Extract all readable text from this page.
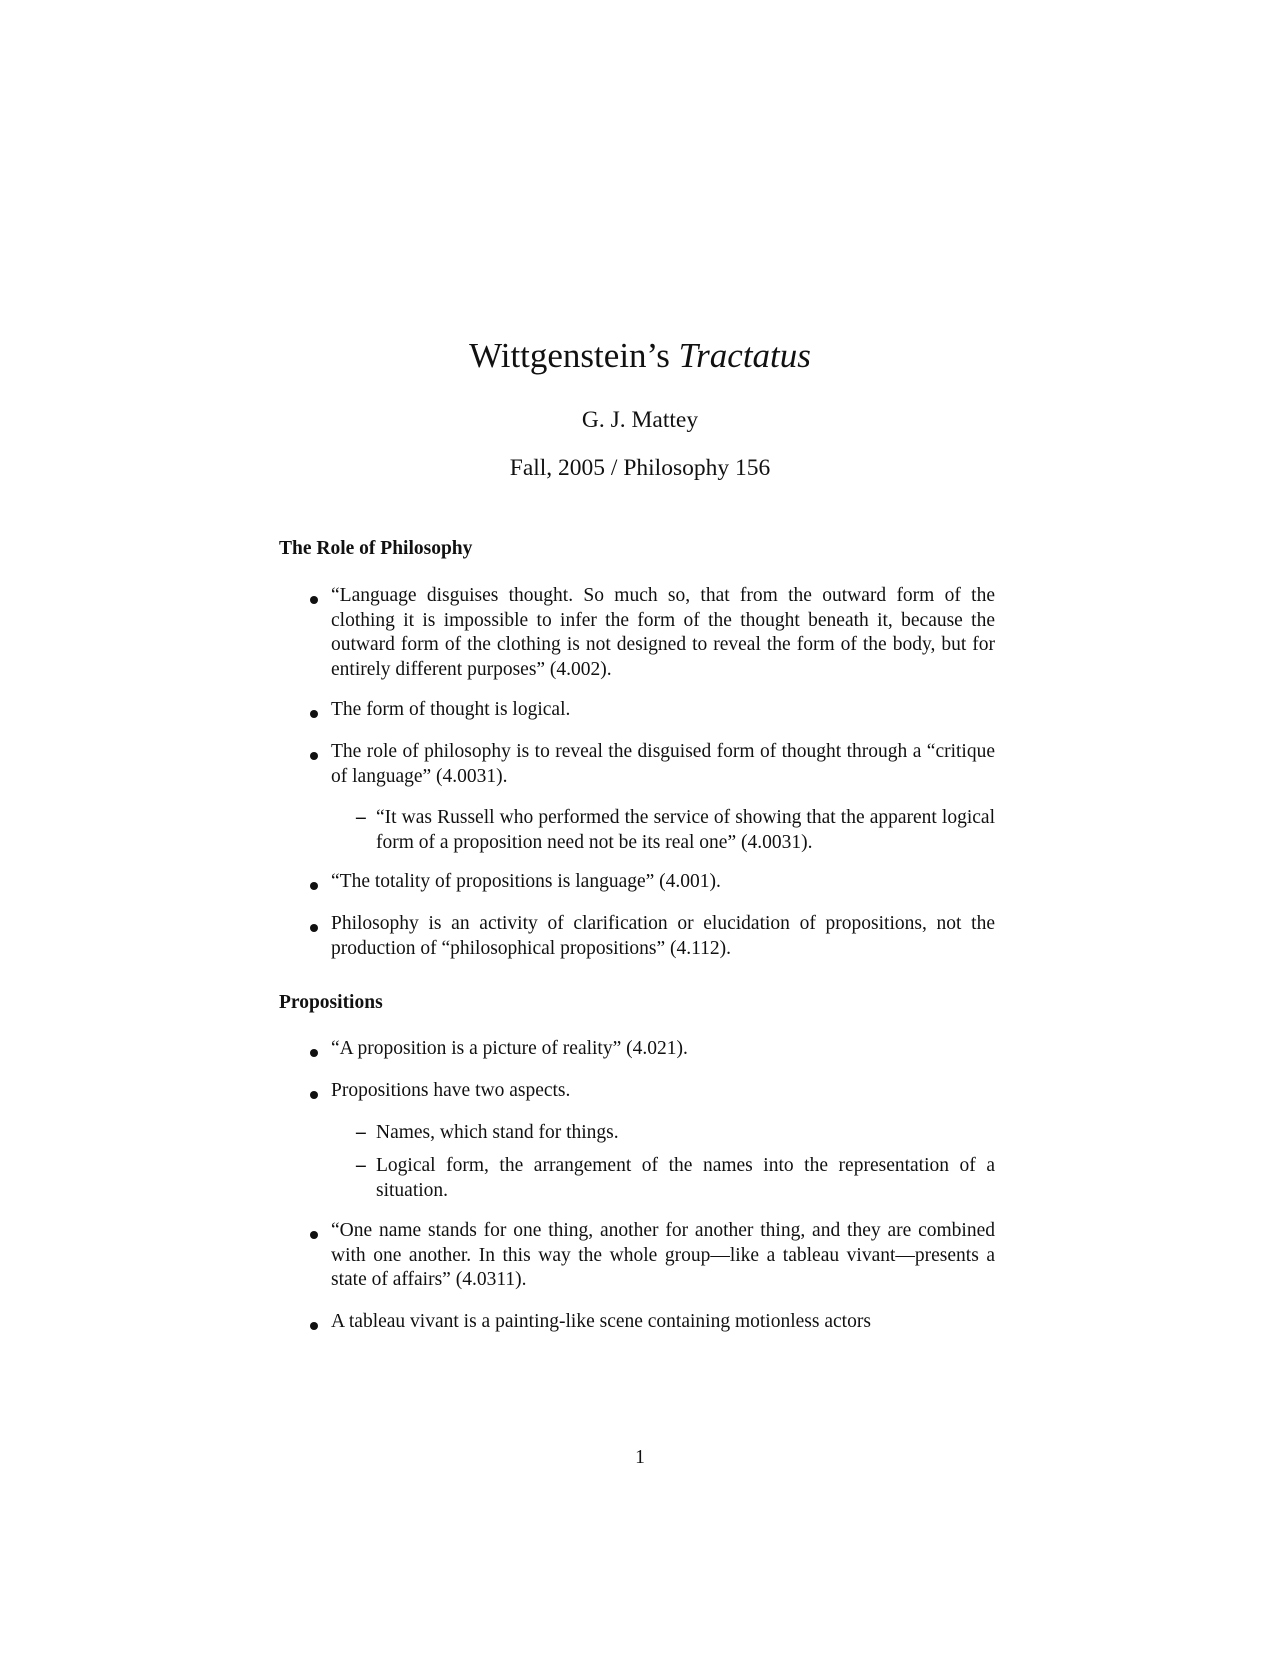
Wittgenstein’s Tractatus
G. J. Mattey
Fall, 2005 / Philosophy 156
The Role of Philosophy
“Language disguises thought. So much so, that from the outward form of the clothing it is impossible to infer the form of the thought beneath it, because the outward form of the clothing is not designed to reveal the form of the body, but for entirely different purposes” (4.002).
The form of thought is logical.
The role of philosophy is to reveal the disguised form of thought through a “critique of language” (4.0031).
– “It was Russell who performed the service of showing that the apparent logical form of a proposition need not be its real one” (4.0031).
“The totality of propositions is language” (4.001).
Philosophy is an activity of clarification or elucidation of propositions, not the production of “philosophical propositions” (4.112).
Propositions
“A proposition is a picture of reality” (4.021).
Propositions have two aspects.
– Names, which stand for things.
– Logical form, the arrangement of the names into the representation of a situation.
“One name stands for one thing, another for another thing, and they are combined with one another. In this way the whole group—like a tableau vivant—presents a state of affairs” (4.0311).
A tableau vivant is a painting-like scene containing motionless actors
1
